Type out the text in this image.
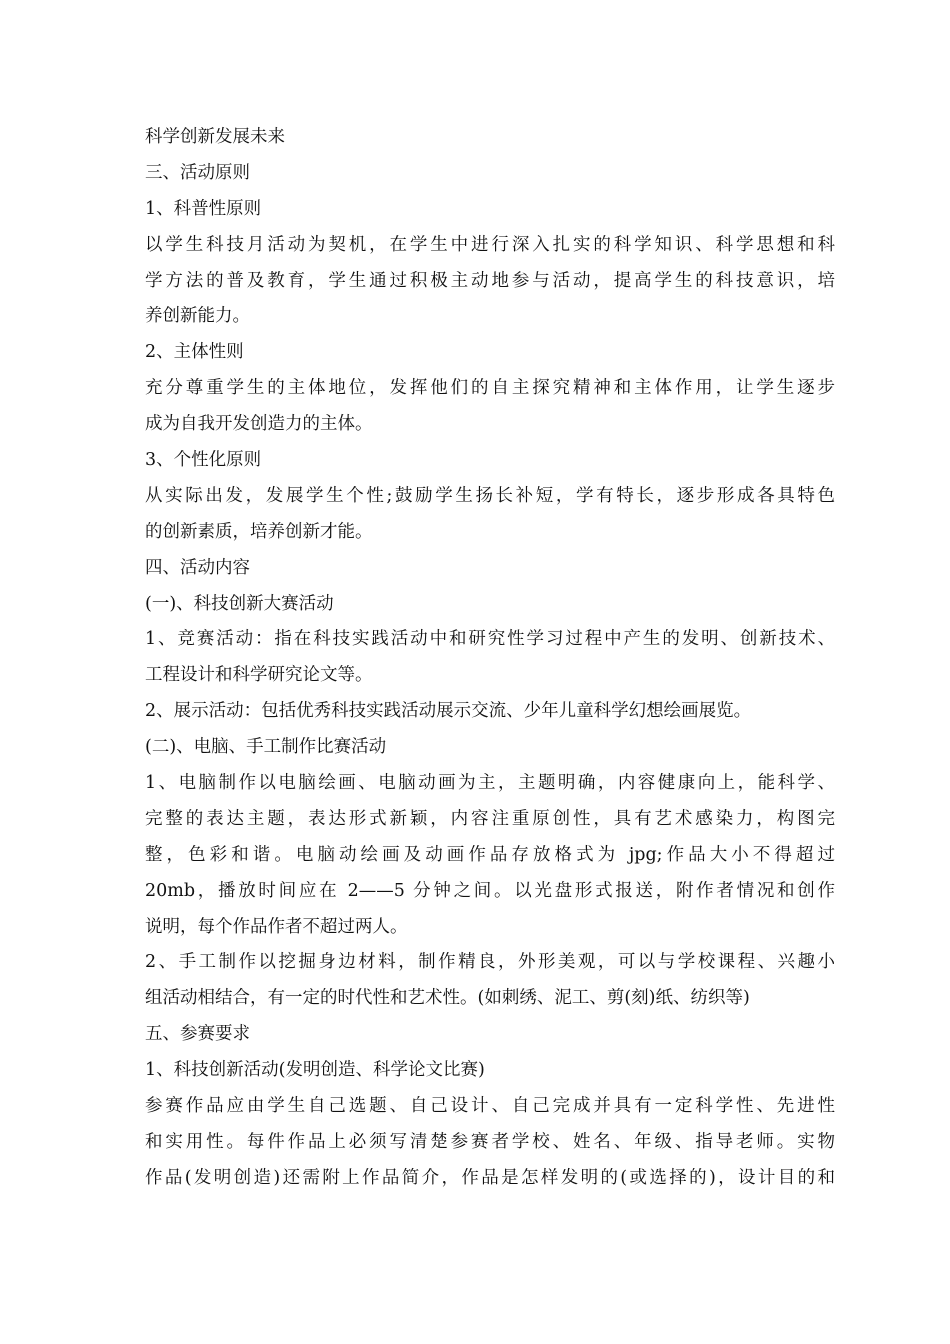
科学创新发展未来
三、活动原则
1、科普性原则
以学生科技月活动为契机，在学生中进行深入扎实的科学知识、科学思想和科
学方法的普及教育，学生通过积极主动地参与活动，提高学生的科技意识，培
养创新能力。
2、主体性则
充分尊重学生的主体地位，发挥他们的自主探究精神和主体作用，让学生逐步
成为自我开发创造力的主体。
3、个性化原则
从实际出发，发展学生个性;鼓励学生扬长补短，学有特长，逐步形成各具特色
的创新素质，培养创新才能。
四、活动内容
(一)、科技创新大赛活动
1、竞赛活动：指在科技实践活动中和研究性学习过程中产生的发明、创新技术、
工程设计和科学研究论文等。
2、展示活动：包括优秀科技实践活动展示交流、少年儿童科学幻想绘画展览。
(二)、电脑、手工制作比赛活动
1、电脑制作以电脑绘画、电脑动画为主，主题明确，内容健康向上，能科学、
完整的表达主题，表达形式新颖，内容注重原创性，具有艺术感染力，构图完
整，色彩和谐。电脑动绘画及动画作品存放格式为 jpg;作品大小不得超过
20mb，播放时间应在 2——5 分钟之间。以光盘形式报送，附作者情况和创作
说明，每个作品作者不超过两人。
2、手工制作以挖掘身边材料，制作精良，外形美观，可以与学校课程、兴趣小
组活动相结合，有一定的时代性和艺术性。(如刺绣、泥工、剪(刻)纸、纺织等)
五、参赛要求
1、科技创新活动(发明创造、科学论文比赛)
参赛作品应由学生自己选题、自己设计、自己完成并具有一定科学性、先进性
和实用性。每件作品上必须写清楚参赛者学校、姓名、年级、指导老师。实物
作品(发明创造)还需附上作品简介，作品是怎样发明的(或选择的)，设计目的和
